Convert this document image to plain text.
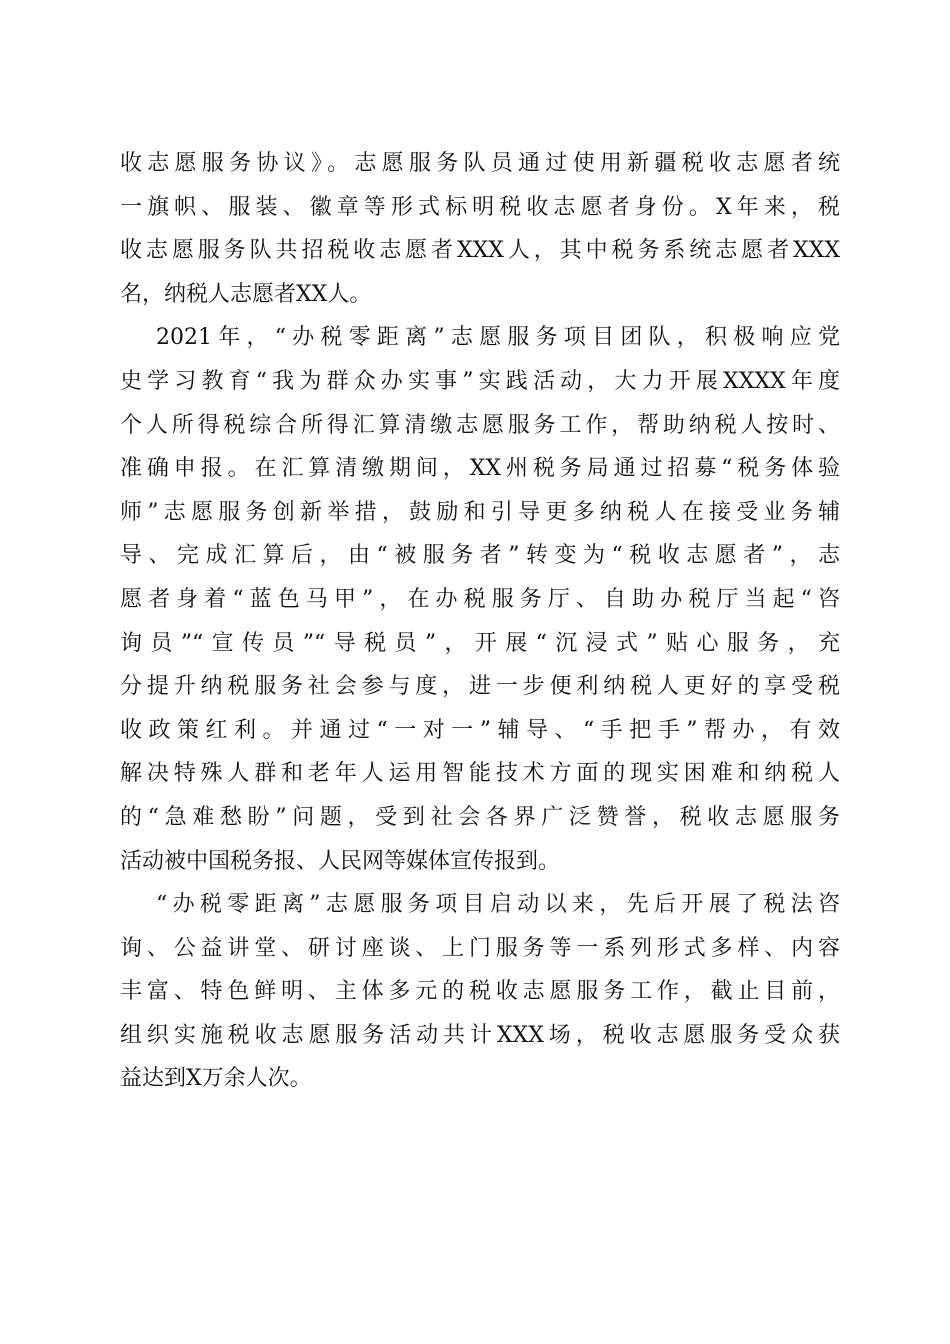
收志愿服务协议》。志愿服务队员通过使用新疆税收志愿者统
一旗帜、服装、徽章等形式标明税收志愿者身份。X年来，税
收志愿服务队共招税收志愿者XXX人，其中税务系统志愿者XXX
名，纳税人志愿者XX人。
2021年，“办税零距离”志愿服务项目团队，积极响应党
史学习教育“我为群众办实事”实践活动，大力开展XXXX年度
个人所得税综合所得汇算清缴志愿服务工作，帮助纳税人按时、
准确申报。在汇算清缴期间，XX州税务局通过招募“税务体验
师”志愿服务创新举措，鼓励和引导更多纳税人在接受业务辅
导、完成汇算后，由“被服务者”转变为“税收志愿者”，志
愿者身着“蓝色马甲”，在办税服务厅、自助办税厅当起“咨
询员”“宣传员”“导税员”，开展“沉浸式”贴心服务，充
分提升纳税服务社会参与度，进一步便利纳税人更好的享受税
收政策红利。并通过“一对一”辅导、“手把手”帮办，有效
解决特殊人群和老年人运用智能技术方面的现实困难和纳税人
的“急难愁盼”问题，受到社会各界广泛赞誉，税收志愿服务
活动被中国税务报、人民网等媒体宣传报到。
“办税零距离”志愿服务项目启动以来，先后开展了税法咨
询、公益讲堂、研讨座谈、上门服务等一系列形式多样、内容
丰富、特色鲜明、主体多元的税收志愿服务工作，截止目前，
组织实施税收志愿服务活动共计XXX场，税收志愿服务受众获
益达到X万余人次。
